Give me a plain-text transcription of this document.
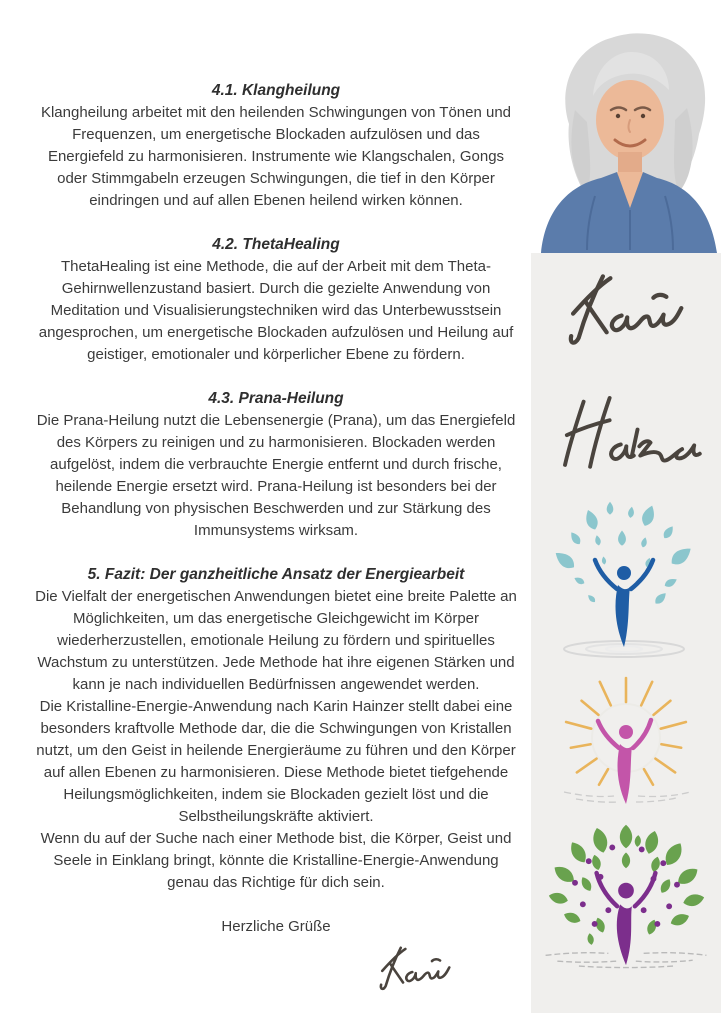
4.1. Klangheilung

Klangheilung arbeitet mit den heilenden Schwingungen von Tönen und Frequenzen, um energetische Blockaden aufzulösen und das Energiefeld zu harmonisieren. Instrumente wie Klangschalen, Gongs oder Stimmgabeln erzeugen Schwingungen, die tief in den Körper eindringen und auf allen Ebenen heilend wirken können.

4.2. ThetaHealing

ThetaHealing ist eine Methode, die auf der Arbeit mit dem Theta-Gehirnwellenzustand basiert. Durch die gezielte Anwendung von Meditation und Visualisierungstechniken wird das Unterbewusstsein angesprochen, um energetische Blockaden aufzulösen und Heilung auf geistiger, emotionaler und körperlicher Ebene zu fördern.

4.3. Prana-Heilung

Die Prana-Heilung nutzt die Lebensenergie (Prana), um das Energiefeld des Körpers zu reinigen und zu harmonisieren. Blockaden werden aufgelöst, indem die verbrauchte Energie entfernt und durch frische, heilende Energie ersetzt wird. Prana-Heilung ist besonders bei der Behandlung von physischen Beschwerden und zur Stärkung des Immunsystems wirksam.

5. Fazit: Der ganzheitliche Ansatz der Energiearbeit

Die Vielfalt der energetischen Anwendungen bietet eine breite Palette an Möglichkeiten, um das energetische Gleichgewicht im Körper wiederherzustellen, emotionale Heilung zu fördern und spirituelles Wachstum zu unterstützen. Jede Methode hat ihre eigenen Stärken und kann je nach individuellen Bedürfnissen angewendet werden.

Die Kristalline-Energie-Anwendung nach Karin Hainzer stellt dabei eine besonders kraftvolle Methode dar, die die Schwingungen von Kristallen nutzt, um den Geist in heilende Energieräume zu führen und den Körper auf allen Ebenen zu harmonisieren. Diese Methode bietet tiefgehende Heilungsmöglichkeiten, indem sie Blockaden gezielt löst und die Selbstheilungskräfte aktiviert.

Wenn du auf der Suche nach einer Methode bist, die Körper, Geist und Seele in Einklang bringt, könnte die Kristalline-Energie-Anwendung genau das Richtige für dich sein.

Herzliche Grüße
